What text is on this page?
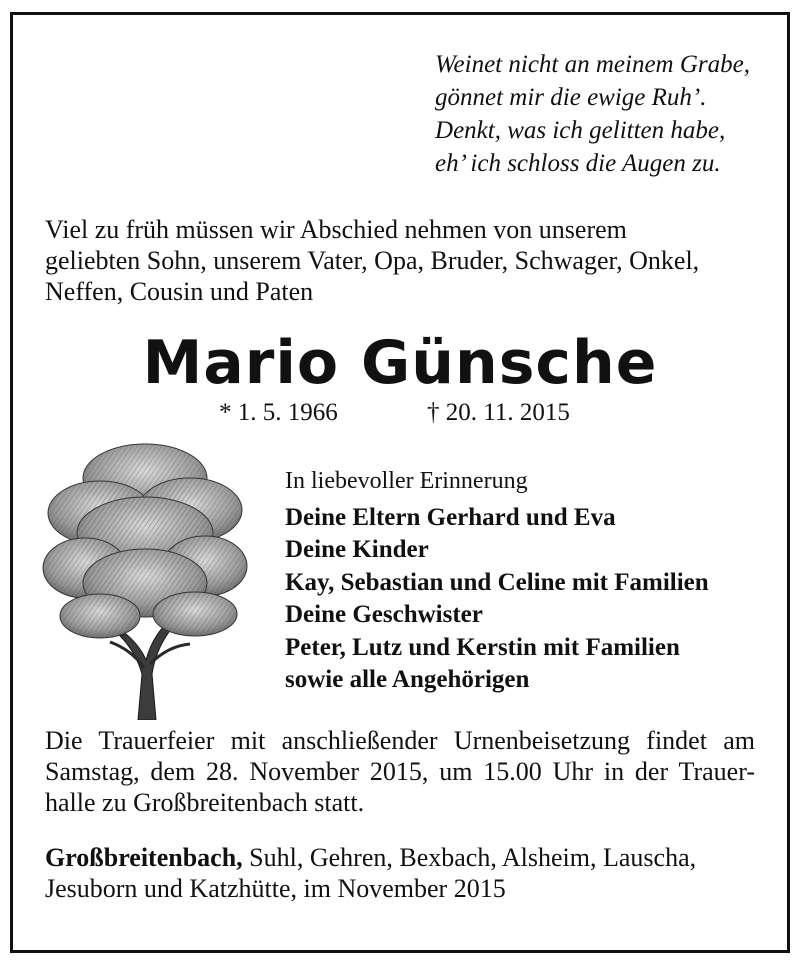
Weinet nicht an meinem Grabe,
gönnet mir die ewige Ruh’.
Denkt, was ich gelitten habe,
eh’ ich schloss die Augen zu.
Viel zu früh müssen wir Abschied nehmen von unserem
geliebten Sohn, unserem Vater, Opa, Bruder, Schwager, Onkel,
Neffen, Cousin und Paten
Mario Günsche
* 1. 5. 1966	† 20. 11. 2015
In liebevoller Erinnerung
Deine Eltern Gerhard und Eva
Deine Kinder
Kay, Sebastian und Celine mit Familien
Deine Geschwister
Peter, Lutz und Kerstin mit Familien
sowie alle Angehörigen
Die Trauerfeier mit anschließender Urnenbeisetzung findet am
Samstag, dem 28. November 2015, um 15.00 Uhr in der Trauer-
halle zu Großbreitenbach statt.
Großbreitenbach, Suhl, Gehren, Bexbach, Alsheim, Lauscha,
Jesuborn und Katzhütte, im November 2015
